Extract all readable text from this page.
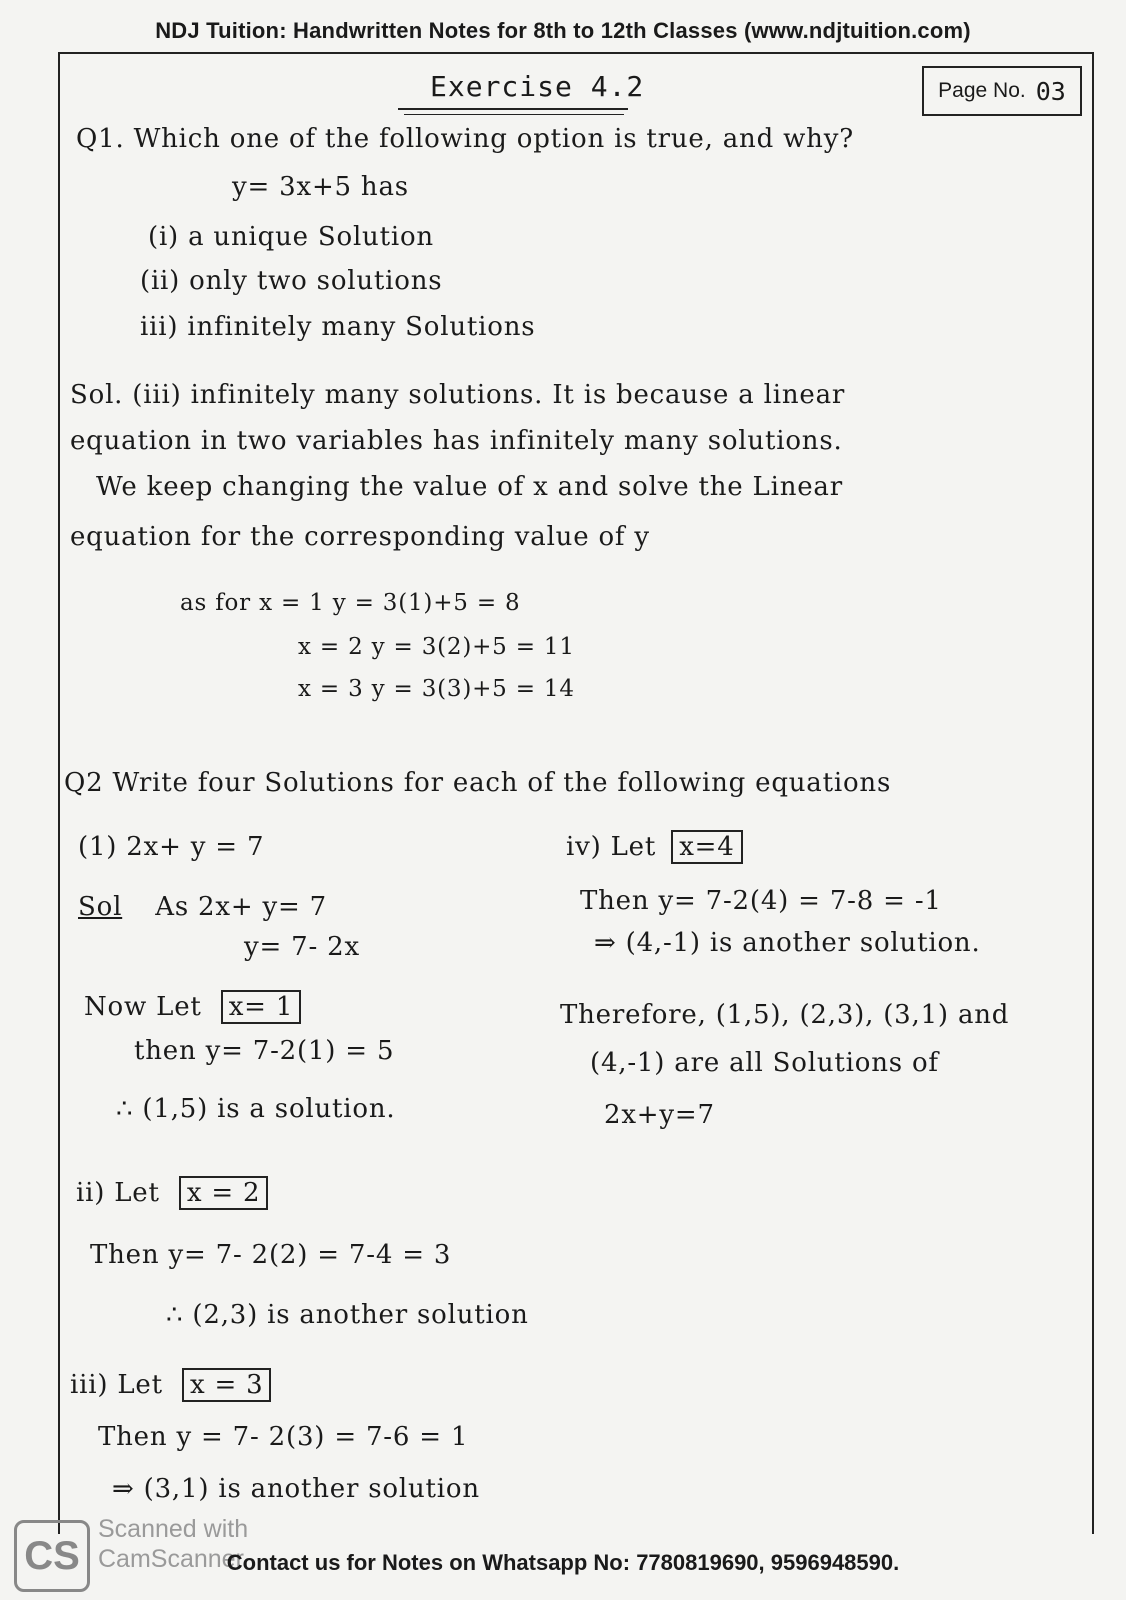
NDJ Tuition: Handwritten Notes for 8th to 12th Classes (www.ndjtuition.com)
Exercise 4.2	Page No. 03
Q1. Which one of the following option is true, and why?
y= 3x+5 has
(i) a unique Solution
(ii) only two solutions
iii) infinitely many Solutions
Sol. (iii) infinitely many solutions. It is because a linear
equation in two variables has infinitely many solutions.
We keep changing the value of x and solve the Linear
equation for the corresponding value of y
as for x = 1 y = 3(1)+5 = 8
x = 2 y = 3(2)+5 = 11
x = 3 y = 3(3)+5 = 14
Q2 Write four Solutions for each of the following equations
(1) 2x+ y = 7
Sol As 2x+ y= 7
y= 7- 2x
Now Let x= 1
then y= 7-2(1) = 5
∴ (1,5) is a solution.
ii) Let x = 2
Then y= 7- 2(2) = 7-4 = 3
∴ (2,3) is another solution
iii) Let x = 3
Then y = 7- 2(3) = 7-6 = 1
⇒ (3,1) is another solution
iv) Let x=4
Then y= 7-2(4) = 7-8 = -1
⇒ (4,-1) is another solution.
Therefore, (1,5), (2,3), (3,1) and
(4,-1) are all Solutions of
2x+y=7
CS
Scanned with
CamScanner
Contact us for Notes on Whatsapp No: 7780819690, 9596948590.
